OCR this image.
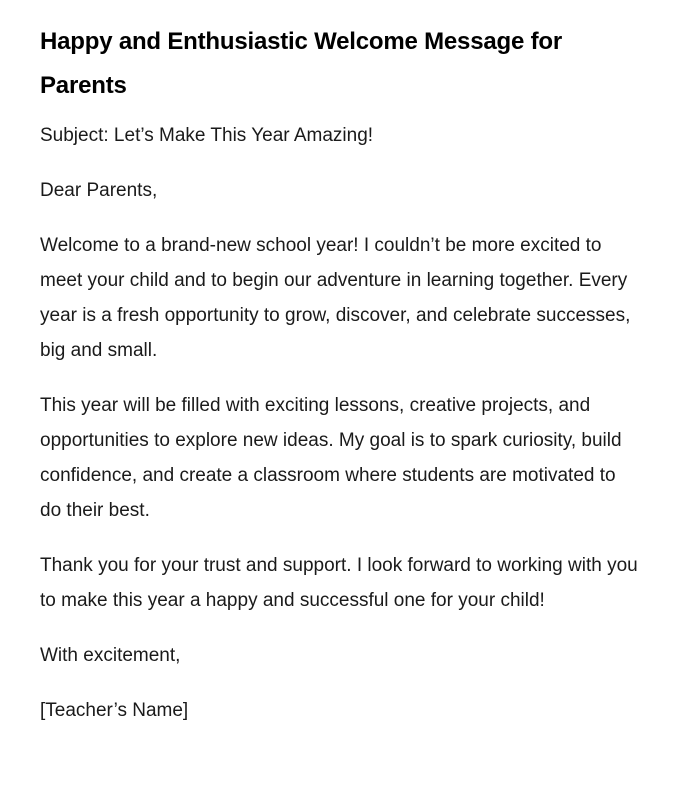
Happy and Enthusiastic Welcome Message for Parents

Subject: Let’s Make This Year Amazing!

Dear Parents,

Welcome to a brand-new school year! I couldn’t be more excited to meet your child and to begin our adventure in learning together. Every year is a fresh opportunity to grow, discover, and celebrate successes, big and small.

This year will be filled with exciting lessons, creative projects, and opportunities to explore new ideas. My goal is to spark curiosity, build confidence, and create a classroom where students are motivated to do their best.

Thank you for your trust and support. I look forward to working with you to make this year a happy and successful one for your child!

With excitement,

[Teacher’s Name]
